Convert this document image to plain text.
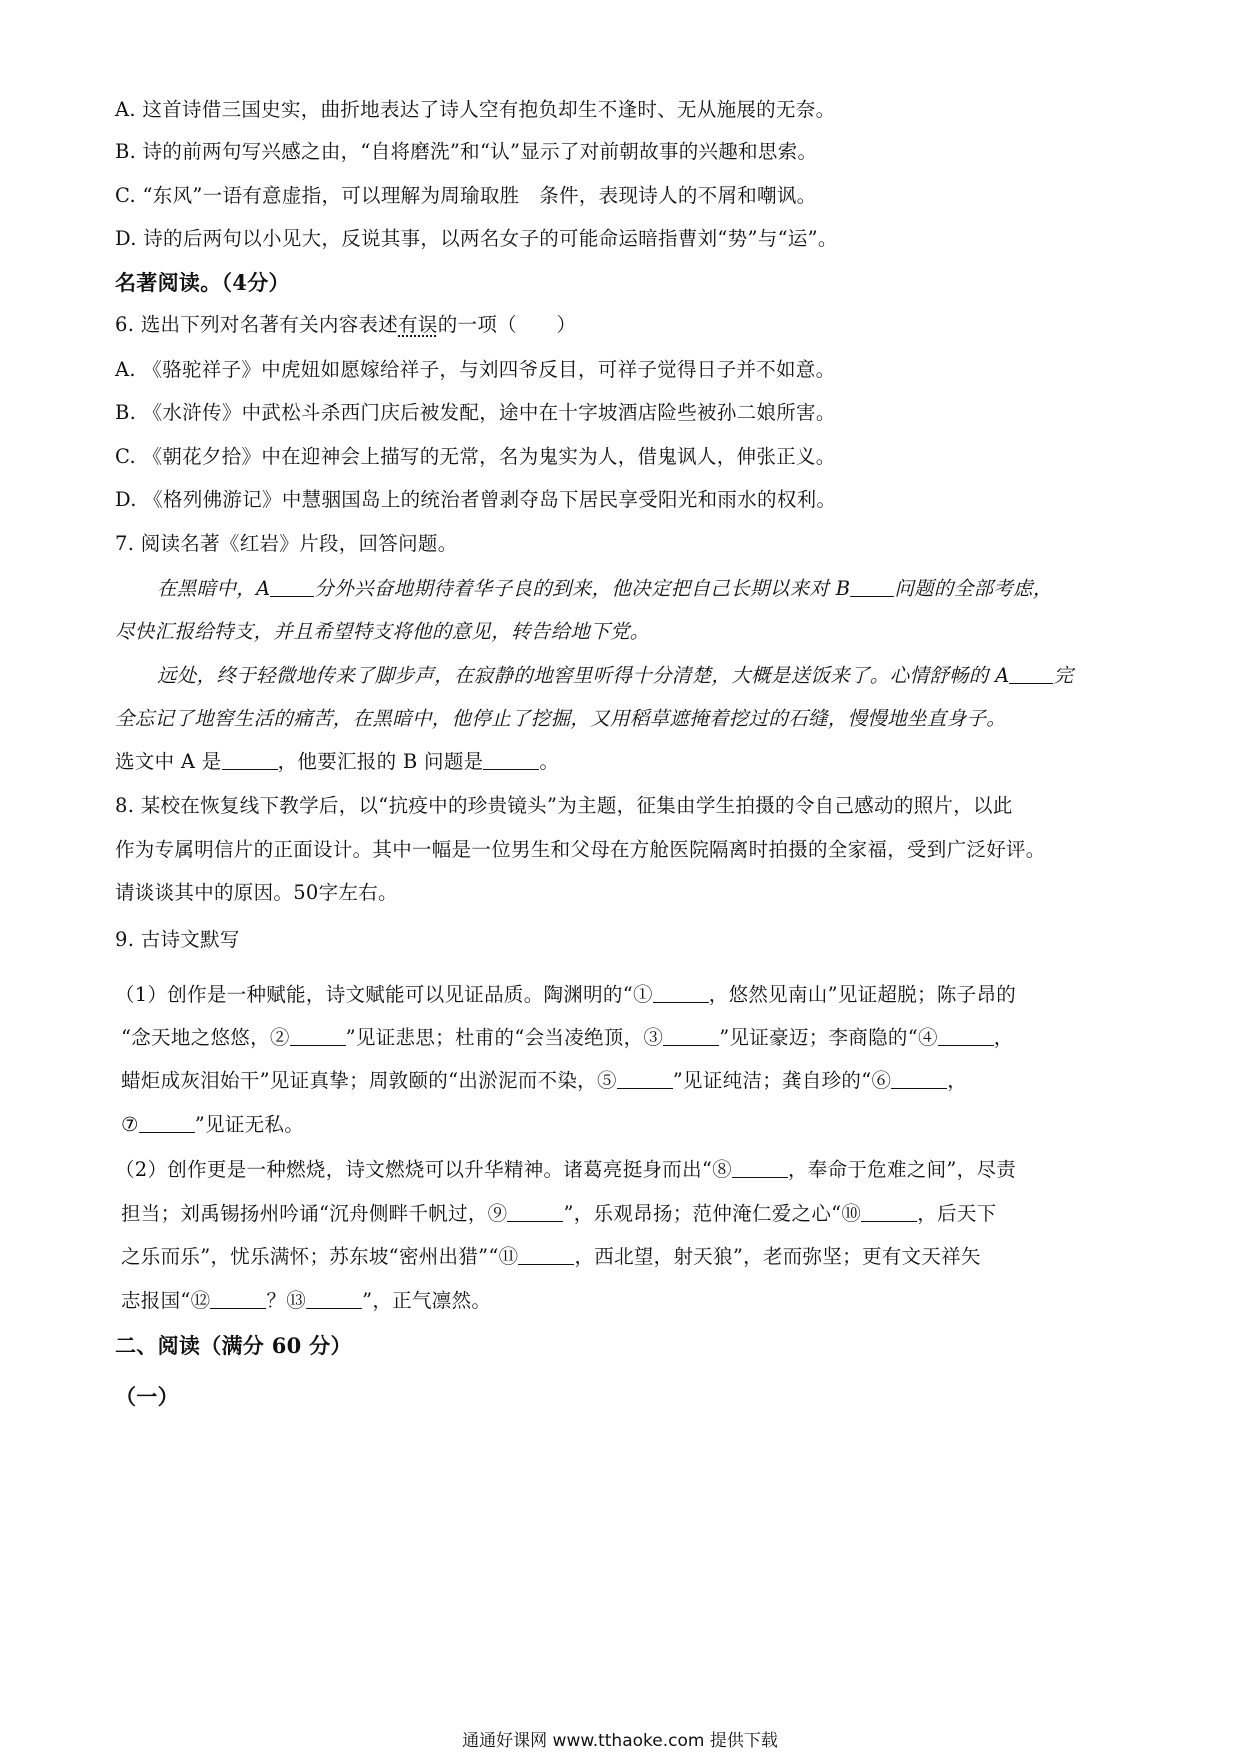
A. 这首诗借三国史实，曲折地表达了诗人空有抱负却生不逢时、无从施展的无奈。
B. 诗的前两句写兴感之由，“自将磨洗”和“认”显示了对前朝故事的兴趣和思索。
C. “东风”一语有意虚指，可以理解为周瑜取胜　条件，表现诗人的不屑和嘲讽。
D. 诗的后两句以小见大，反说其事，以两名女子的可能命运暗指曹刘“势”与“运”。
名著阅读。（4分）
6. 选出下列对名著有关内容表述有误的一项（　　）
A. 《骆驼祥子》中虎妞如愿嫁给祥子，与刘四爷反目，可祥子觉得日子并不如意。
B. 《水浒传》中武松斗杀西门庆后被发配，途中在十字坡酒店险些被孙二娘所害。
C. 《朝花夕拾》中在迎神会上描写的无常，名为鬼实为人，借鬼讽人，伸张正义。
D. 《格列佛游记》中慧骃国岛上的统治者曾剥夺岛下居民享受阳光和雨水的权利。
7. 阅读名著《红岩》片段，回答问题。
在黑暗中，A 分外兴奋地期待着华子良的到来，他决定把自己长期以来对 B 问题的全部考虑，
尽快汇报给特支，并且希望特支将他的意见，转告给地下党。
远处，终于轻微地传来了脚步声，在寂静的地窖里听得十分清楚，大概是送饭来了。心情舒畅的 A 完
全忘记了地窖生活的痛苦，在黑暗中，他停止了挖掘，又用稻草遮掩着挖过的石缝，慢慢地坐直身子。
选文中 A 是	，他要汇报的 B 问题是	。
8. 某校在恢复线下教学后，以“抗疫中的珍贵镜头”为主题，征集由学生拍摄的令自己感动的照片，以此
作为专属明信片的正面设计。其中一幅是一位男生和父母在方舱医院隔离时拍摄的全家福，受到广泛好评。
请谈谈其中的原因。50字左右。
9. 古诗文默写
（1）创作是一种赋能，诗文赋能可以见证品质。陶渊明的“①	，悠然见南山”见证超脱；陈子昂的
“念天地之悠悠，②	”见证悲思；杜甫的“会当凌绝顶，③	”见证豪迈；李商隐的“④	，
蜡炬成灰泪始干”见证真挚；周敦颐的“出淤泥而不染，⑤	”见证纯洁；龚自珍的“⑥	，
⑦	”见证无私。
（2）创作更是一种燃烧，诗文燃烧可以升华精神。诸葛亮挺身而出“⑧	，奉命于危难之间”，尽责
担当；刘禹锡扬州吟诵“沉舟侧畔千帆过，⑨	”，乐观昂扬；范仲淹仁爱之心“⑩	，后天下
之乐而乐”，忧乐满怀；苏东坡“密州出猎”“⑪	，西北望，射天狼”，老而弥坚；更有文天祥矢
志报国“⑫	？⑬	”，正气凛然。
二、阅读（满分 60 分）
（一）
通通好课网 www.tthaoke.com 提供下载
